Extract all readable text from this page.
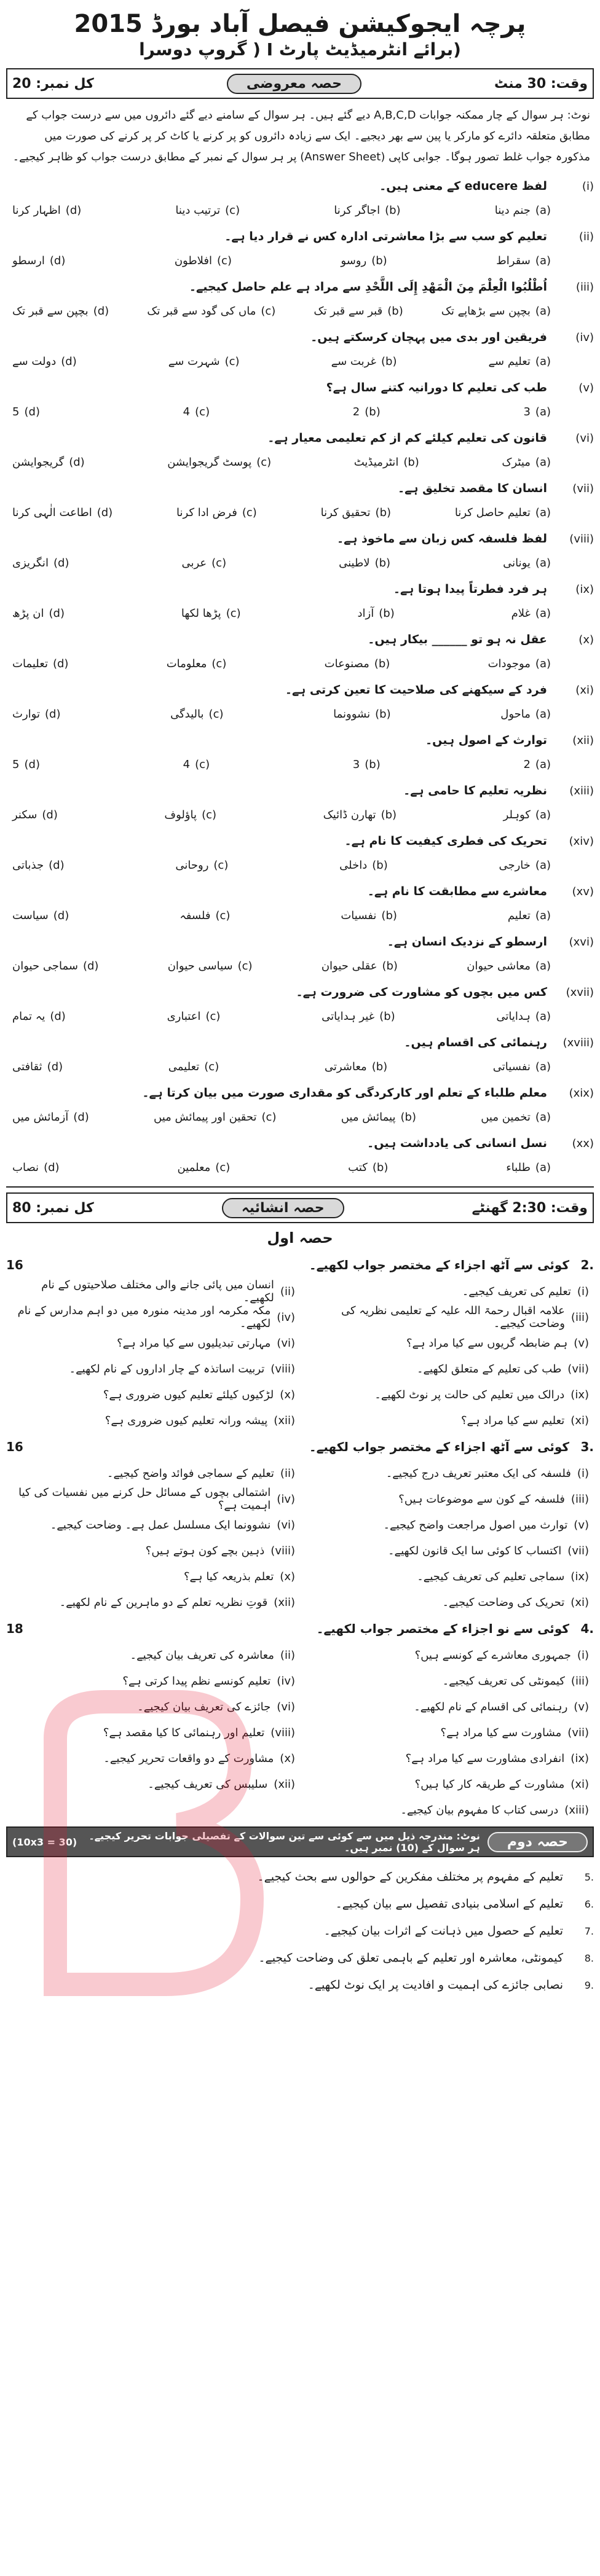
پرچہ ایجوکیشن فیصل آباد بورڈ 2015
(برائے انٹرمیڈیٹ پارٹ I ( گروپ دوسرا
کل نمبر: 20	حصہ معروضی	وقت: 30 منٹ
نوٹ: ہر سوال کے چار ممکنہ جوابات A,B,C,D دیے گئے ہیں۔ ہر سوال کے سامنے دیے گئے دائروں میں سے درست جواب کے مطابق متعلقہ دائرے کو مارکر یا پین سے بھر دیجیے۔ ایک سے زیادہ دائروں کو پر کرنے یا کاٹ کر پر کرنے کی صورت میں مذکورہ جواب غلط تصور ہوگا۔ جوابی کاپی (Answer Sheet) پر ہر سوال کے نمبر کے مطابق درست جواب کو ظاہر کیجیے۔
(i)
لفظ educere کے معنی ہیں۔
(a)
جنم دینا
(b)
اجاگر کرنا
(c)
ترتیب دینا
(d)
اظہار کرنا
(ii)
تعلیم کو سب سے بڑا معاشرتی ادارہ کس نے قرار دیا ہے۔
(a)
سقراط
(b)
روسو
(c)
افلاطون
(d)
ارسطو
(iii)
اُطْلُبُوا الْعِلْمَ مِنَ الْمَهْدِ إِلَى اللَّحْدِ سے مراد ہے علم حاصل کیجیے۔
(a)
بچپن سے بڑھاپے تک
(b)
قبر سے قبر تک
(c)
ماں کی گود سے قبر تک
(d)
بچپن سے قبر تک
(iv)
فریقین اور بدی میں پہچان کرسکتے ہیں۔
(a)
تعلیم سے
(b)
غربت سے
(c)
شہرت سے
(d)
دولت سے
(v)
طب کی تعلیم کا دورانیہ کتنے سال ہے؟
(a)
3
(b)
2
(c)
4
(d)
5
(vi)
قانون کی تعلیم کیلئے کم از کم تعلیمی معیار ہے۔
(a)
میٹرک
(b)
انٹرمیڈیٹ
(c)
پوسٹ گریجوایشن
(d)
گریجوایشن
(vii)
انسان کا مقصد تخلیق ہے۔
(a)
تعلیم حاصل کرنا
(b)
تحقیق کرنا
(c)
فرض ادا کرنا
(d)
اطاعت الٰہی کرنا
(viii)
لفظ فلسفہ کس زبان سے ماخوذ ہے۔
(a)
یونانی
(b)
لاطینی
(c)
عربی
(d)
انگریزی
(ix)
ہر فرد فطرتاً پیدا ہوتا ہے۔
(a)
غلام
(b)
آزاد
(c)
پڑھا لکھا
(d)
ان پڑھ
(x)
عقل نہ ہو تو ______ بیکار ہیں۔
(a)
موجودات
(b)
مصنوعات
(c)
معلومات
(d)
تعلیمات
(xi)
فرد کے سیکھنے کی صلاحیت کا تعین کرتی ہے۔
(a)
ماحول
(b)
نشوونما
(c)
بالیدگی
(d)
توارث
(xii)
توارث کے اصول ہیں۔
(a)
2
(b)
3
(c)
4
(d)
5
(xiii)
نظریہ تعلیم کا حامی ہے۔
(a)
کوہلر
(b)
تھارن ڈائیک
(c)
پاؤلوف
(d)
سکنر
(xiv)
تحریک کی فطری کیفیت کا نام ہے۔
(a)
خارجی
(b)
داخلی
(c)
روحانی
(d)
جذباتی
(xv)
معاشرے سے مطابقت کا نام ہے۔
(a)
تعلیم
(b)
نفسیات
(c)
فلسفہ
(d)
سیاست
(xvi)
ارسطو کے نزدیک انسان ہے۔
(a)
معاشی حیوان
(b)
عقلی حیوان
(c)
سیاسی حیوان
(d)
سماجی حیوان
(xvii)
کس میں بچوں کو مشاورت کی ضرورت ہے۔
(a)
ہدایاتی
(b)
غیر ہدایاتی
(c)
اعتباری
(d)
یہ تمام
(xviii)
رہنمائی کی اقسام ہیں۔
(a)
نفسیاتی
(b)
معاشرتی
(c)
تعلیمی
(d)
ثقافتی
(xix)
معلم طلباء کے تعلم اور کارکردگی کو مقداری صورت میں بیان کرتا ہے۔
(a)
تخمین میں
(b)
پیمائش میں
(c)
تحقین اور پیمائش میں
(d)
آزمائش میں
(xx)
نسل انسانی کی یادداشت ہیں۔
(a)
طلباء
(b)
کتب
(c)
معلمین
(d)
نصاب
کل نمبر: 80	حصہ انشائیہ	وقت: 2:30 گھنٹے
حصہ اول
16	کوئی سے آٹھ اجزاء کے مختصر جواب لکھیے۔ 2.
(i)
تعلیم کی تعریف کیجیے۔
(ii)
انسان میں پائی جانے والی مختلف صلاحیتوں کے نام لکھیے۔
(iii)
علامہ اقبال رحمۃ اللہ علیہ کے تعلیمی نظریہ کی وضاحت کیجیے۔
(iv)
مکہ مکرمہ اور مدینہ منورہ میں دو اہم مدارس کے نام لکھیے۔
(v)
ہم ضابطہ گریوں سے کیا مراد ہے؟
(vi)
مہارتی تبدیلیوں سے کیا مراد ہے؟
(vii)
طب کی تعلیم کے متعلق لکھیے۔
(viii)
تربیت اساتذہ کے چار اداروں کے نام لکھیے۔
(ix)
درالک میں تعلیم کی حالت پر نوٹ لکھیے۔
(x)
لڑکیوں کیلئے تعلیم کیوں ضروری ہے؟
(xi)
تعلیم سے کیا مراد ہے؟
(xii)
پیشہ ورانہ تعلیم کیوں ضروری ہے؟
16	کوئی سے آٹھ اجزاء کے مختصر جواب لکھیے۔ 3.
(i)
فلسفہ کی ایک معتبر تعریف درج کیجیے۔
(ii)
تعلیم کے سماجی فوائد واضح کیجیے۔
(iii)
فلسفہ کے کون سے موضوعات ہیں؟
(iv)
اشتمالی بچوں کے مسائل حل کرنے میں نفسیات کی کیا اہمیت ہے؟
(v)
توارث میں اصول مراجعت واضح کیجیے۔
(vi)
نشوونما ایک مسلسل عمل ہے۔ وضاحت کیجیے۔
(vii)
اکتساب کا کوئی سا ایک قانون لکھیے۔
(viii)
ذہین بچے کون ہوتے ہیں؟
(ix)
سماجی تعلیم کی تعریف کیجیے۔
(x)
تعلم بذریعہ کیا ہے؟
(xi)
تحریک کی وضاحت کیجیے۔
(xii)
قوتِ نظریہ تعلم کے دو ماہرین کے نام لکھیے۔
18	کوئی سے نو اجزاء کے مختصر جواب لکھیے۔ 4.
(i)
جمہوری معاشرے کے کونسے ہیں؟
(ii)
معاشرہ کی تعریف بیان کیجیے۔
(iii)
کیمونٹی کی تعریف کیجیے۔
(iv)
تعلیم کونسے نظم پیدا کرتی ہے؟
(v)
رہنمائی کی اقسام کے نام لکھیے۔
(vi)
جائزے کی تعریف بیان کیجیے۔
(vii)
مشاورت سے کیا مراد ہے؟
(viii)
تعلیم اور رہنمائی کا کیا مقصد ہے؟
(ix)
انفرادی مشاورت سے کیا مراد ہے؟
(x)
مشاورت کے دو واقعات تحریر کیجیے۔
(xi)
مشاورت کے طریقہ کار کیا ہیں؟
(xii)
سلیبس کی تعریف کیجیے۔
(xiii)
درسی کتاب کا مفہوم بیان کیجیے۔
(10x3 = 30)	نوٹ: مندرجہ ذیل میں سے کوئی سے تین سوالات کے تفصیلی جوابات تحریر کیجیے۔ ہر سوال کے (10) نمبر ہیں۔	حصہ دوم
تعلیم کے مفہوم پر مختلف مفکرین کے حوالوں سے بحث کیجیے۔	5.
تعلیم کے اسلامی بنیادی تفصیل سے بیان کیجیے۔	6.
تعلیم کے حصول میں ذہانت کے اثرات بیان کیجیے۔	7.
کیمونٹی، معاشرہ اور تعلیم کے باہمی تعلق کی وضاحت کیجیے۔	8.
نصابی جائزے کی اہمیت و افادیت پر ایک نوٹ لکھیے۔	9.
